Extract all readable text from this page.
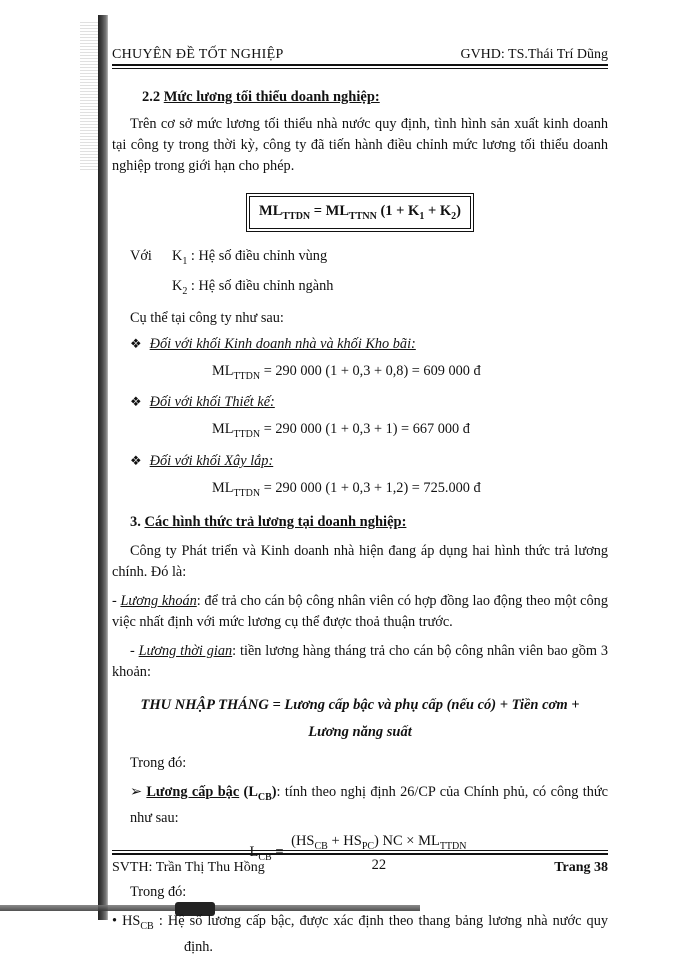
CHUYÊN ĐỀ TỐT NGHIỆP	GVHD: TS.Thái Trí Dũng

2.2 Mức lương tối thiểu doanh nghiệp:

Trên cơ sở mức lương tối thiểu nhà nước quy định, tình hình sản xuất kinh doanh tại công ty trong thời kỳ, công ty đã tiến hành điều chỉnh mức lương tối thiểu doanh nghiệp trong giới hạn cho phép.

$ML_{TTDN} = ML_{TTNN}$ $(1 + K_1 + K_2)$

Với $K_1$ : Hệ số điều chỉnh vùng

$K_2$ : Hệ số điều chỉnh ngành

Cụ thể tại công ty như sau:

❖ Đối với khối Kinh doanh nhà và khối Kho bãi:

$ML_{TTDN} = 290$ 000 (1 + 0,3 + 0,8) = 609 000 đ

❖ Đối với khối Thiết kế:

$ML_{TTDN} = 290$ 000 (1 + 0,3 + 1) = 667 000 đ

❖ Đối với khối Xây lắp:

$ML_{TTDN} = 290$ 000 (1 + 0,3 + 1,2) = 725.000 đ

3. Các hình thức trả lương tại doanh nghiệp:

Công ty Phát triển và Kinh doanh nhà hiện đang áp dụng hai hình thức trả lương chính. Đó là:

- Lương khoán: để trả cho cán bộ công nhân viên có hợp đồng lao động theo một công việc nhất định với mức lương cụ thể được thoả thuận trước.

- Lương thời gian: tiền lương hàng tháng trả cho cán bộ công nhân viên bao gồm 3 khoản:

THU NHẬP THÁNG = Lương cấp bậc và phụ cấp (nếu có) + Tiền cơm +

Lương năng suất

Trong đó:

➢ Lương cấp bậc $(L_{CB})$: tính theo nghị định 26/CP của Chính phủ, có công thức như sau:

$L_{CB} = \frac{(HS_{CB} + HS_{PC}) NC \times ML_{TTDN}}{22}$

Trong đó:

• $HS_{CB}$ : Hệ số lương cấp bậc, được xác định theo thang bảng lương nhà nước quy định.

SVTH: Trần Thị Thu Hồng	Trang 38
